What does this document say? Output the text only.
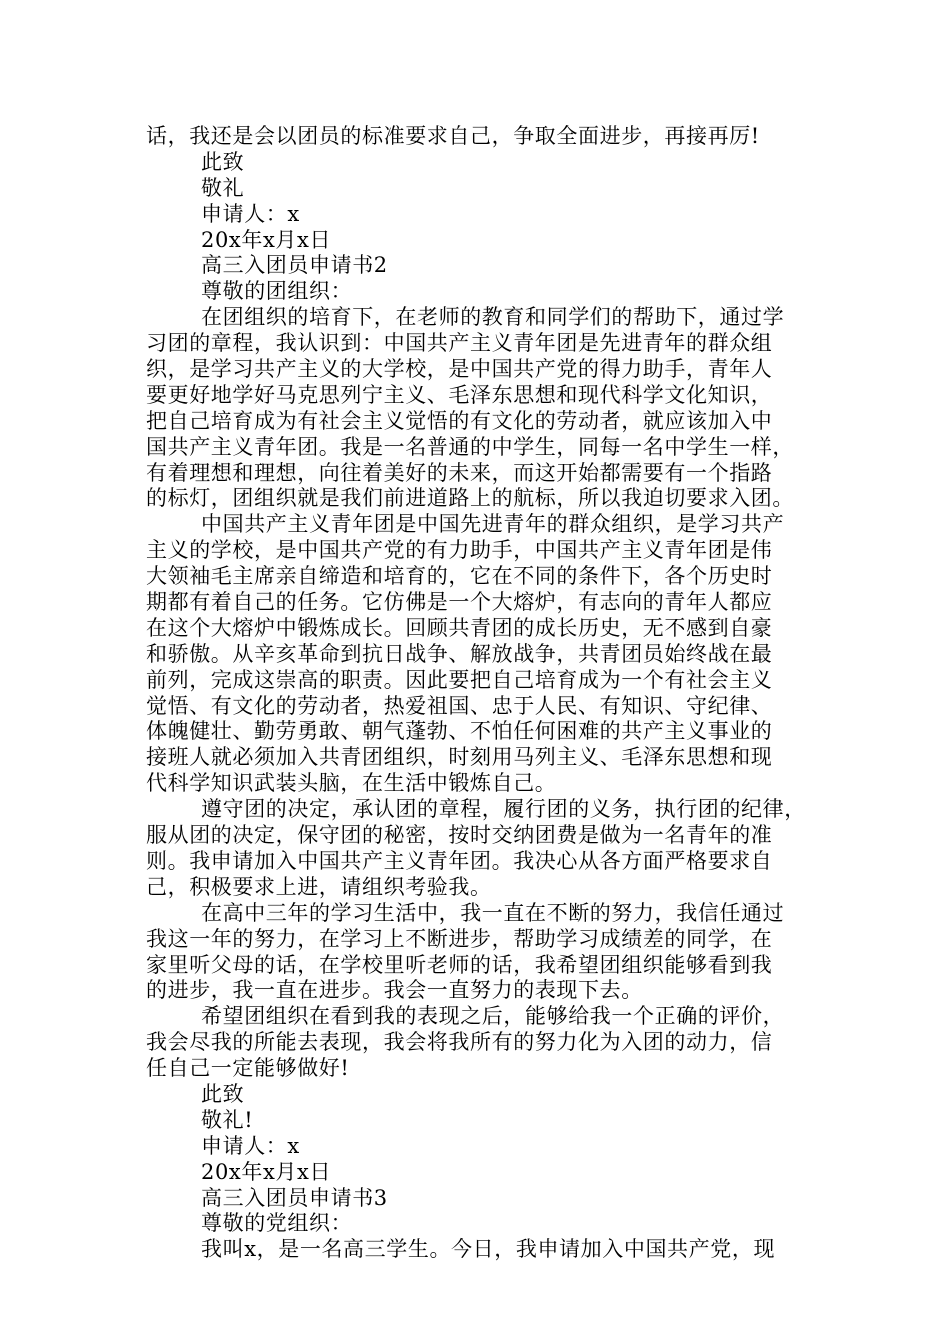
话，我还是会以团员的标准要求自己，争取全面进步，再接再厉!
此致
敬礼
申请人：x
20x年x月x日
高三入团员申请书2
尊敬的团组织：
在团组织的培育下，在老师的教育和同学们的帮助下，通过学
习团的章程，我认识到：中国共产主义青年团是先进青年的群众组
织，是学习共产主义的大学校，是中国共产党的得力助手，青年人
要更好地学好马克思列宁主义、毛泽东思想和现代科学文化知识，
把自己培育成为有社会主义觉悟的有文化的劳动者，就应该加入中
国共产主义青年团。我是一名普通的中学生，同每一名中学生一样，
有着理想和理想，向往着美好的未来，而这开始都需要有一个指路
的标灯，团组织就是我们前进道路上的航标，所以我迫切要求入团。
中国共产主义青年团是中国先进青年的群众组织，是学习共产
主义的学校，是中国共产党的有力助手，中国共产主义青年团是伟
大领袖毛主席亲自缔造和培育的，它在不同的条件下，各个历史时
期都有着自己的任务。它仿佛是一个大熔炉，有志向的青年人都应
在这个大熔炉中锻炼成长。回顾共青团的成长历史，无不感到自豪
和骄傲。从辛亥革命到抗日战争、解放战争，共青团员始终战在最
前列，完成这崇高的职责。因此要把自己培育成为一个有社会主义
觉悟、有文化的劳动者，热爱祖国、忠于人民、有知识、守纪律、
体魄健壮、勤劳勇敢、朝气蓬勃、不怕任何困难的共产主义事业的
接班人就必须加入共青团组织，时刻用马列主义、毛泽东思想和现
代科学知识武装头脑，在生活中锻炼自己。
遵守团的决定，承认团的章程，履行团的义务，执行团的纪律，
服从团的决定，保守团的秘密，按时交纳团费是做为一名青年的准
则。我申请加入中国共产主义青年团。我决心从各方面严格要求自
己，积极要求上进，请组织考验我。
在高中三年的学习生活中，我一直在不断的努力，我信任通过
我这一年的努力，在学习上不断进步，帮助学习成绩差的同学，在
家里听父母的话，在学校里听老师的话，我希望团组织能够看到我
的进步，我一直在进步。我会一直努力的表现下去。
希望团组织在看到我的表现之后，能够给我一个正确的评价，
我会尽我的所能去表现，我会将我所有的努力化为入团的动力，信
任自己一定能够做好!
此致
敬礼!
申请人：x
20x年x月x日
高三入团员申请书3
尊敬的党组织：
我叫x，是一名高三学生。今日，我申请加入中国共产党，现
